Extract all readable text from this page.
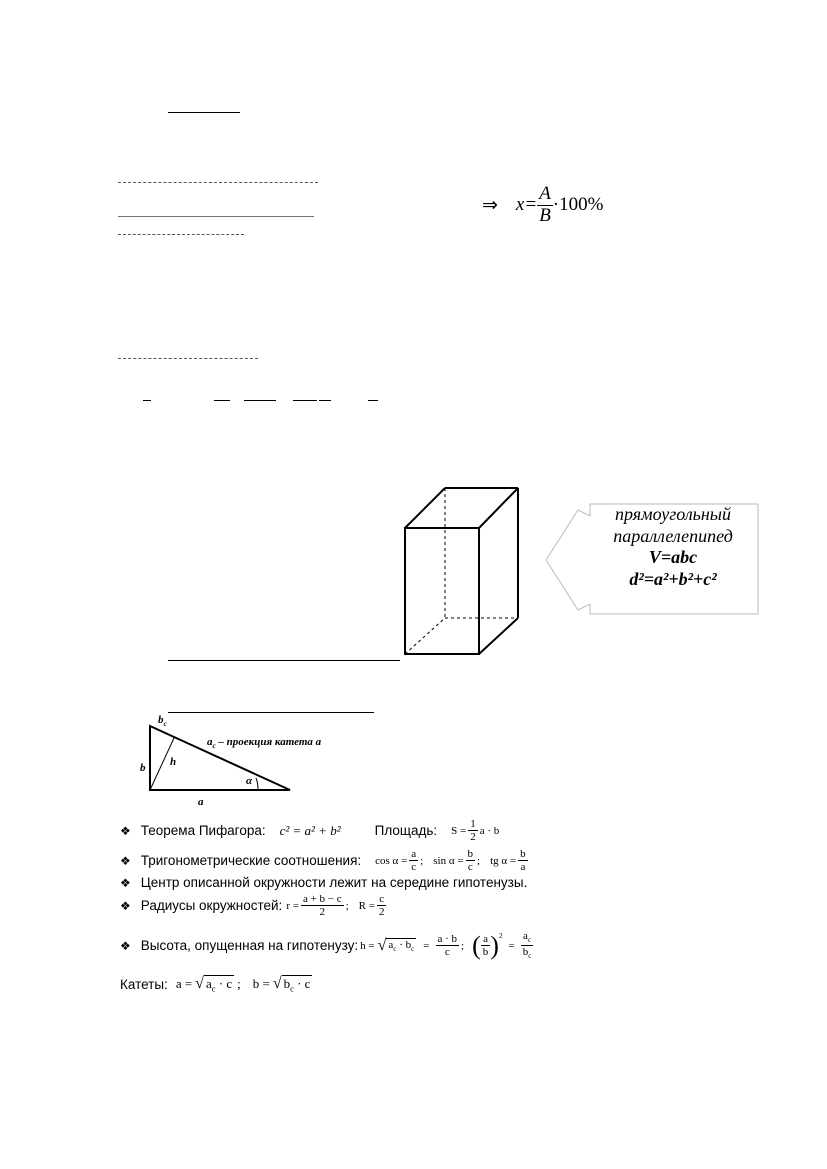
⇒ $x= \frac{A}{B} \cdot 100\%$
прямоугольный
параллелепипед
V=abc
d²=a²+b²+c²
$b_c$
$a_c$ – проекция катета a
b h
α
a
❖ Теорема Пифагора: c² = a² + b²	Площадь: $S = \frac{1}{2}$ a · b
❖ Тригонометрические соотношения: $\cos \alpha = \frac{a}{c}$ ; $\sin \alpha = \frac{b}{c}$ ; tg $\alpha = \frac{b}{a}$
❖ Центр описанной окружности лежит на середине гипотенузы.
❖ Радиусы окружностей: $r = \frac{a + b - c}{2}$ ; $R = \frac{c}{2}$
❖ Высота, опущенная на гипотенузу: h = √ $a_c \cdot b_c = \frac{a \cdot b}{c}$ ; ( $\frac{a}{b} )^2$
= $\frac{a_c}{b_c}$
Катеты: a = √ $a_c \cdot c$ ; b = √ $b_c \cdot c$
